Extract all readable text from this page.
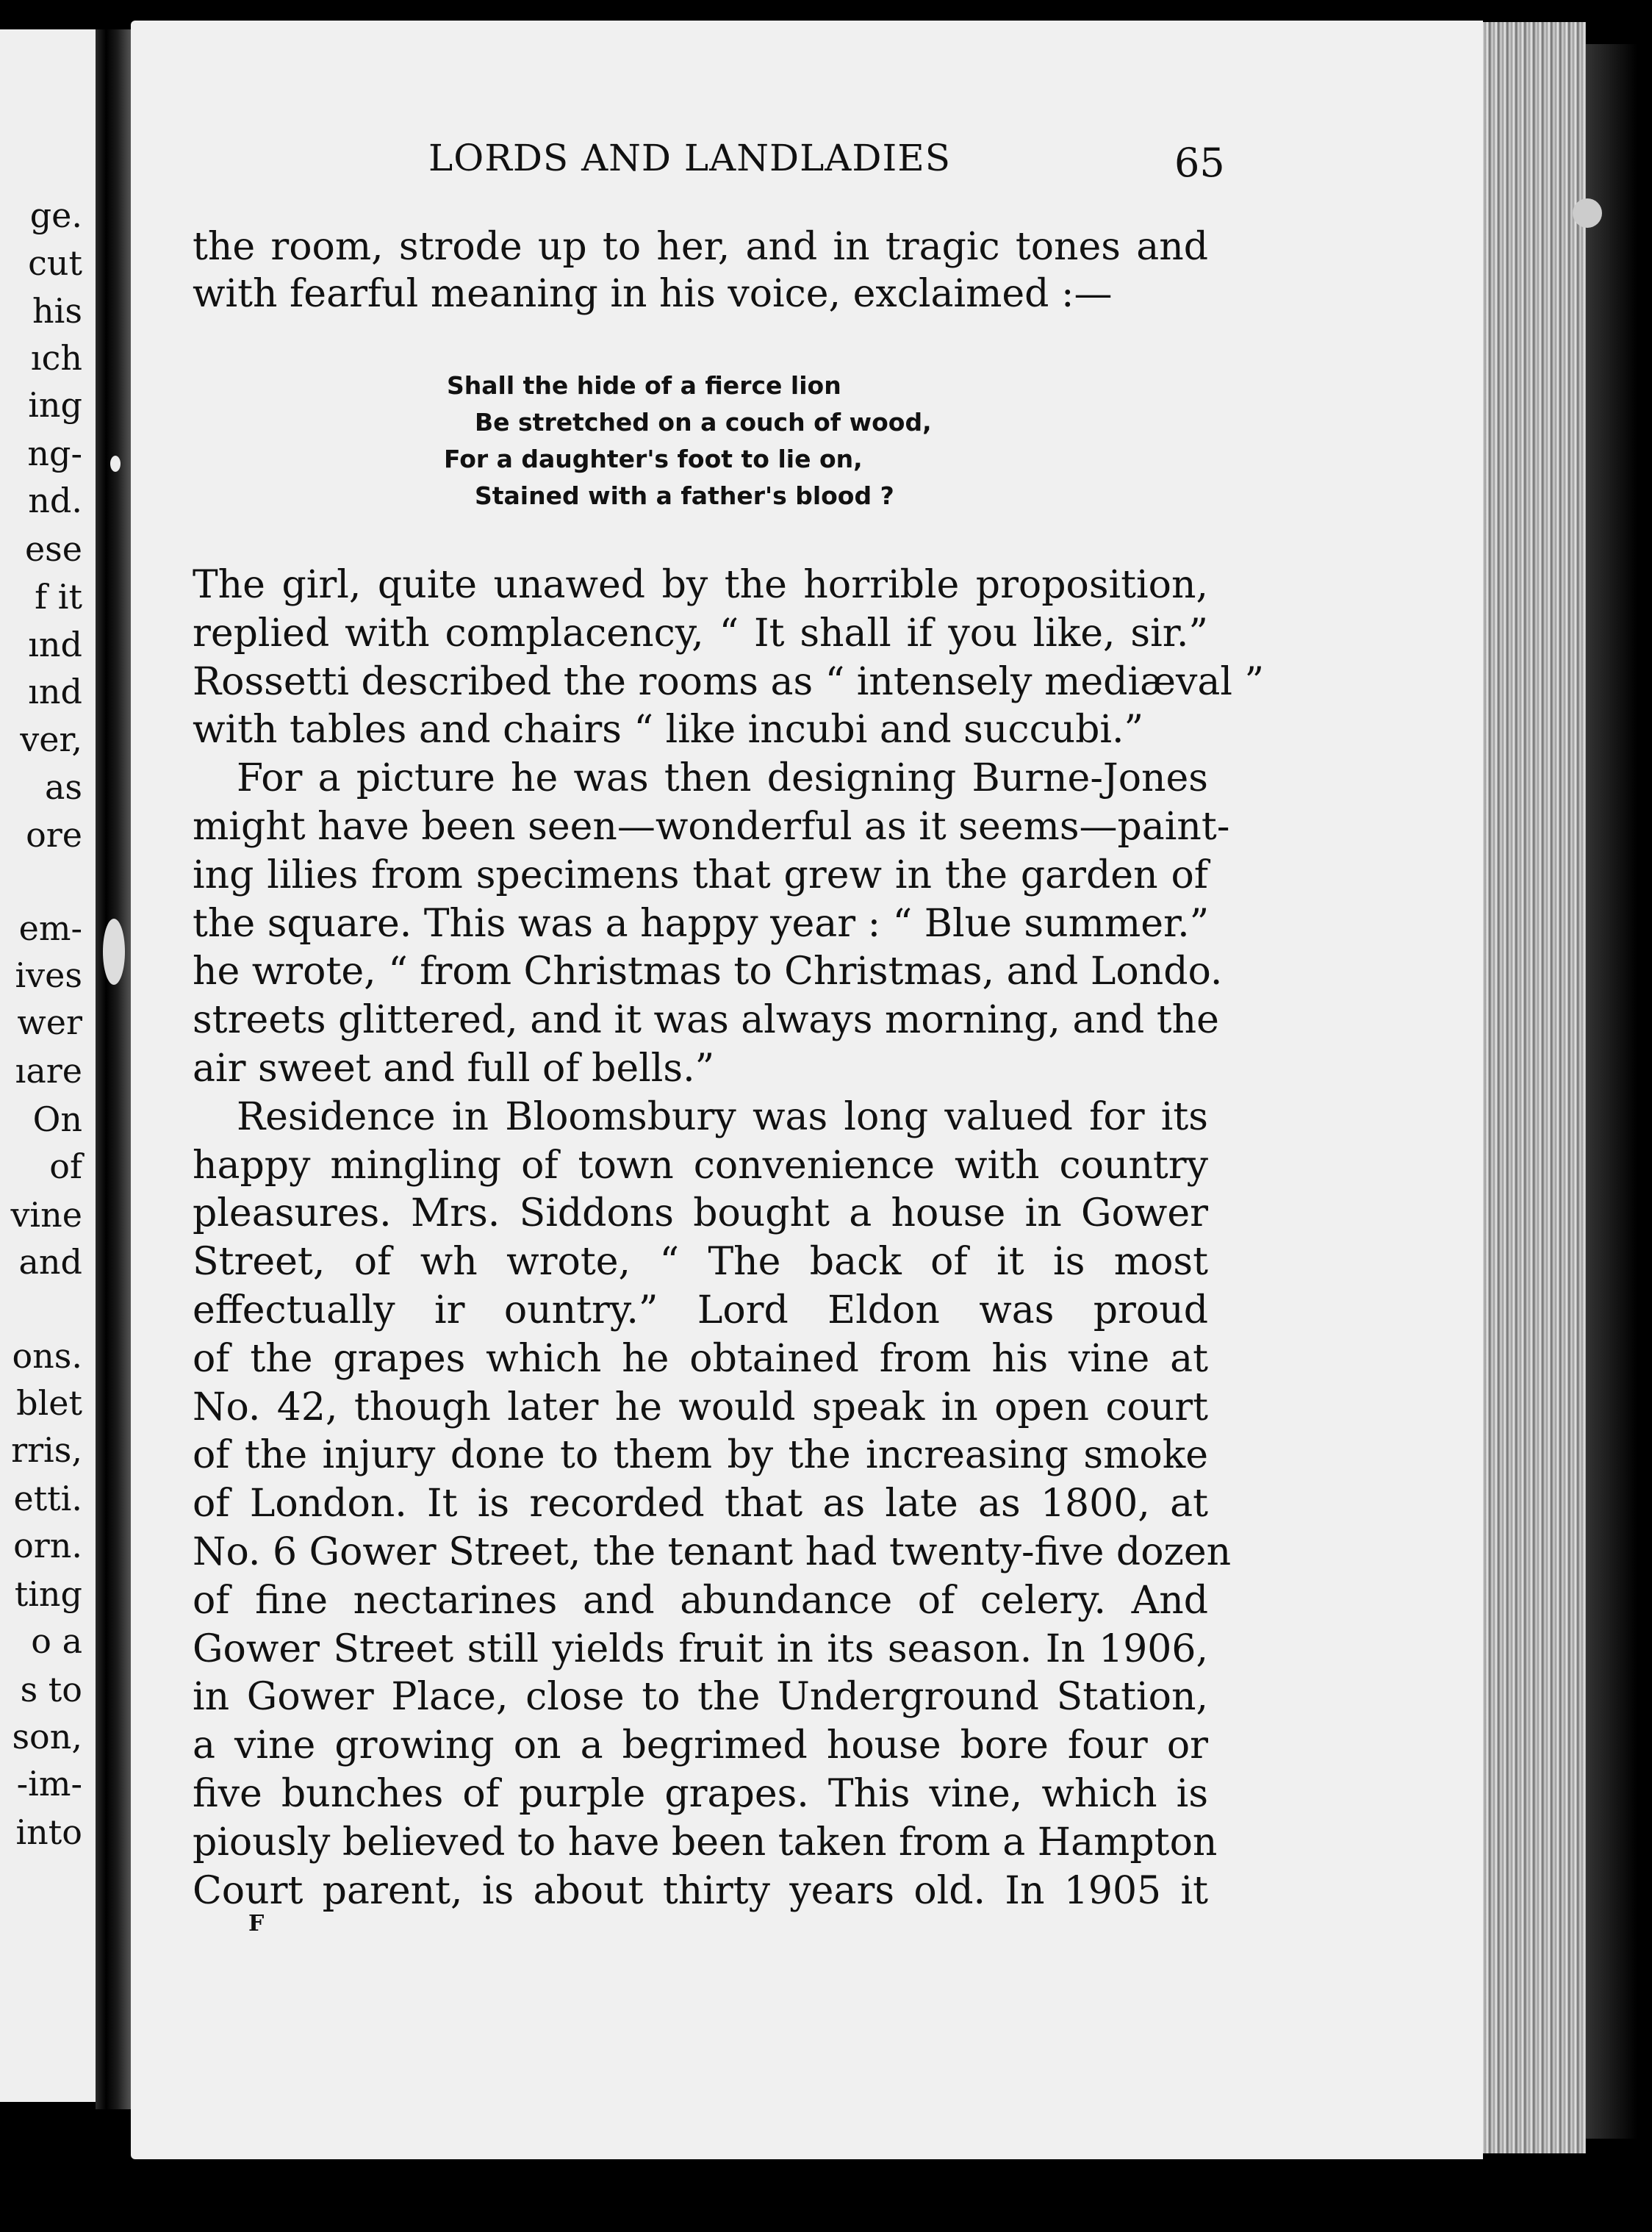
ge.
cut
his
ıch
ing
ng-
nd.
ese
f it
ınd
ınd
ver,
as
ore
em-
ives
wer
ıare
On
of
vine
and
ons.
blet
rris,
etti.
orn.
ting
o a
s to
son,
-im-
into
LORDS AND LANDLADIES	65
the room, strode up to her, and in tragic tones and
with fearful meaning in his voice, exclaimed :—
Shall the hide of a fierce lion
Be stretched on a couch of wood,
For a daughter's foot to lie on,
Stained with a father's blood ?
The girl, quite unawed by the horrible proposition,
replied with complacency, “ It shall if you like, sir.”
Rossetti described the rooms as “ intensely mediæval ”
with tables and chairs “ like incubi and succubi.”
For a picture he was then designing Burne-Jones
might have been seen—wonderful as it seems—paint-
ing lilies from specimens that grew in the garden of
the square. This was a happy year : “ Blue summer.”
he wrote, “ from Christmas to Christmas, and Londo.
streets glittered, and it was always morning, and the
air sweet and full of bells.”
Residence in Bloomsbury was long valued for its
happy mingling of town convenience with country
pleasures. Mrs. Siddons bought a house in Gower
Street, of wh wrote, “ The back of it is most
effectually ir ountry.” Lord Eldon was proud
of the grapes which he obtained from his vine at
No. 42, though later he would speak in open court
of the injury done to them by the increasing smoke
of London. It is recorded that as late as 1800, at
No. 6 Gower Street, the tenant had twenty-five dozen
of fine nectarines and abundance of celery. And
Gower Street still yields fruit in its season. In 1906,
in Gower Place, close to the Underground Station,
a vine growing on a begrimed house bore four or
five bunches of purple grapes. This vine, which is
piously believed to have been taken from a Hampton
Court parent, is about thirty years old. In 1905 it
F
